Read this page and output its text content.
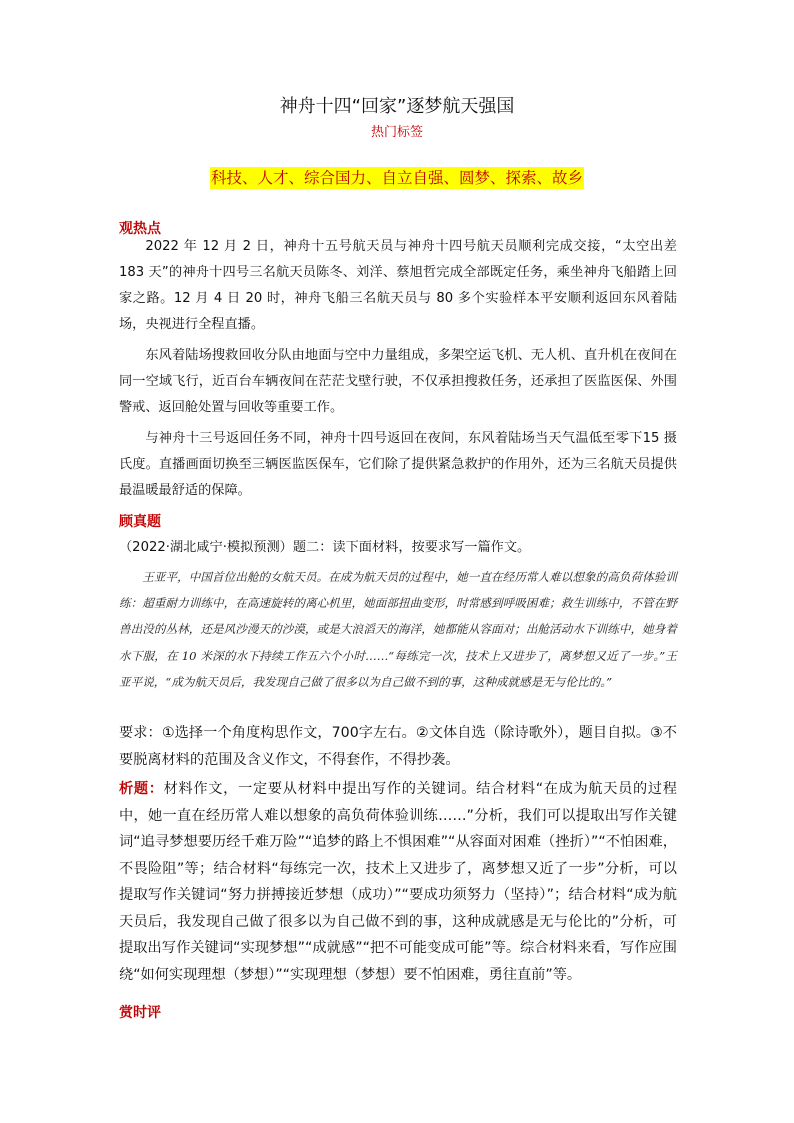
神舟十四“回家”逐梦航天强国
热门标签
科技、人才、综合国力、自立自强、圆梦、探索、故乡
观热点

2022 年 12 月 2 日，神舟十五号航天员与神舟十四号航天员顺利完成交接，“太空出差 183 天”的神舟十四号三名航天员陈冬、刘洋、蔡旭哲完成全部既定任务，乘坐神舟飞船踏上回家之路。12 月 4 日 20 时，神舟飞船三名航天员与 80 多个实验样本平安顺利返回东风着陆场，央视进行全程直播。

东风着陆场搜救回收分队由地面与空中力量组成，多架空运飞机、无人机、直升机在夜间在同一空域飞行，近百台车辆夜间在茫茫戈壁行驶，不仅承担搜救任务，还承担了医监医保、外围警戒、返回舱处置与回收等重要工作。

与神舟十三号返回任务不同，神舟十四号返回在夜间，东风着陆场当天气温低至零下15 摄氏度。直播画面切换至三辆医监医保车，它们除了提供紧急救护的作用外，还为三名航天员提供最温暖最舒适的保障。

顾真题

（2022·湖北咸宁·模拟预测）题二：读下面材料，按要求写一篇作文。

王亚平，中国首位出舱的女航天员。在成为航天员的过程中，她一直在经历常人难以想象的高负荷体验训练：超重耐力训练中，在高速旋转的离心机里，她面部扭曲变形，时常感到呼吸困难；救生训练中，不管在野兽出没的丛林，还是风沙漫天的沙漠，或是大浪滔天的海洋，她都能从容面对；出舱活动水下训练中，她身着水下服，在 10 米深的水下持续工作五六个小时……“每练完一次，技术上又进步了，离梦想又近了一步。”王亚平说，“成为航天员后，我发现自己做了很多以为自己做不到的事，这种成就感是无与伦比的。”

要求：①选择一个角度构思作文，700字左右。②文体自选（除诗歌外），题目自拟。③不要脱离材料的范围及含义作文，不得套作，不得抄袭。

析题：材料作文，一定要从材料中提出写作的关键词。结合材料“在成为航天员的过程中，她一直在经历常人难以想象的高负荷体验训练……”分析，我们可以提取出写作关键词“追寻梦想要历经千难万险”“追梦的路上不惧困难”“从容面对困难（挫折）”“不怕困难，不畏险阻”等；结合材料“每练完一次，技术上又进步了，离梦想又近了一步”分析，可以提取写作关键词“努力拼搏接近梦想（成功）”“要成功须努力（坚持）”；结合材料“成为航天员后，我发现自己做了很多以为自己做不到的事，这种成就感是无与伦比的”分析，可提取出写作关键词“实现梦想”“成就感”“把不可能变成可能”等。综合材料来看，写作应围绕“如何实现理想（梦想）”“实现理想（梦想）要不怕困难，勇往直前”等。

赏时评
